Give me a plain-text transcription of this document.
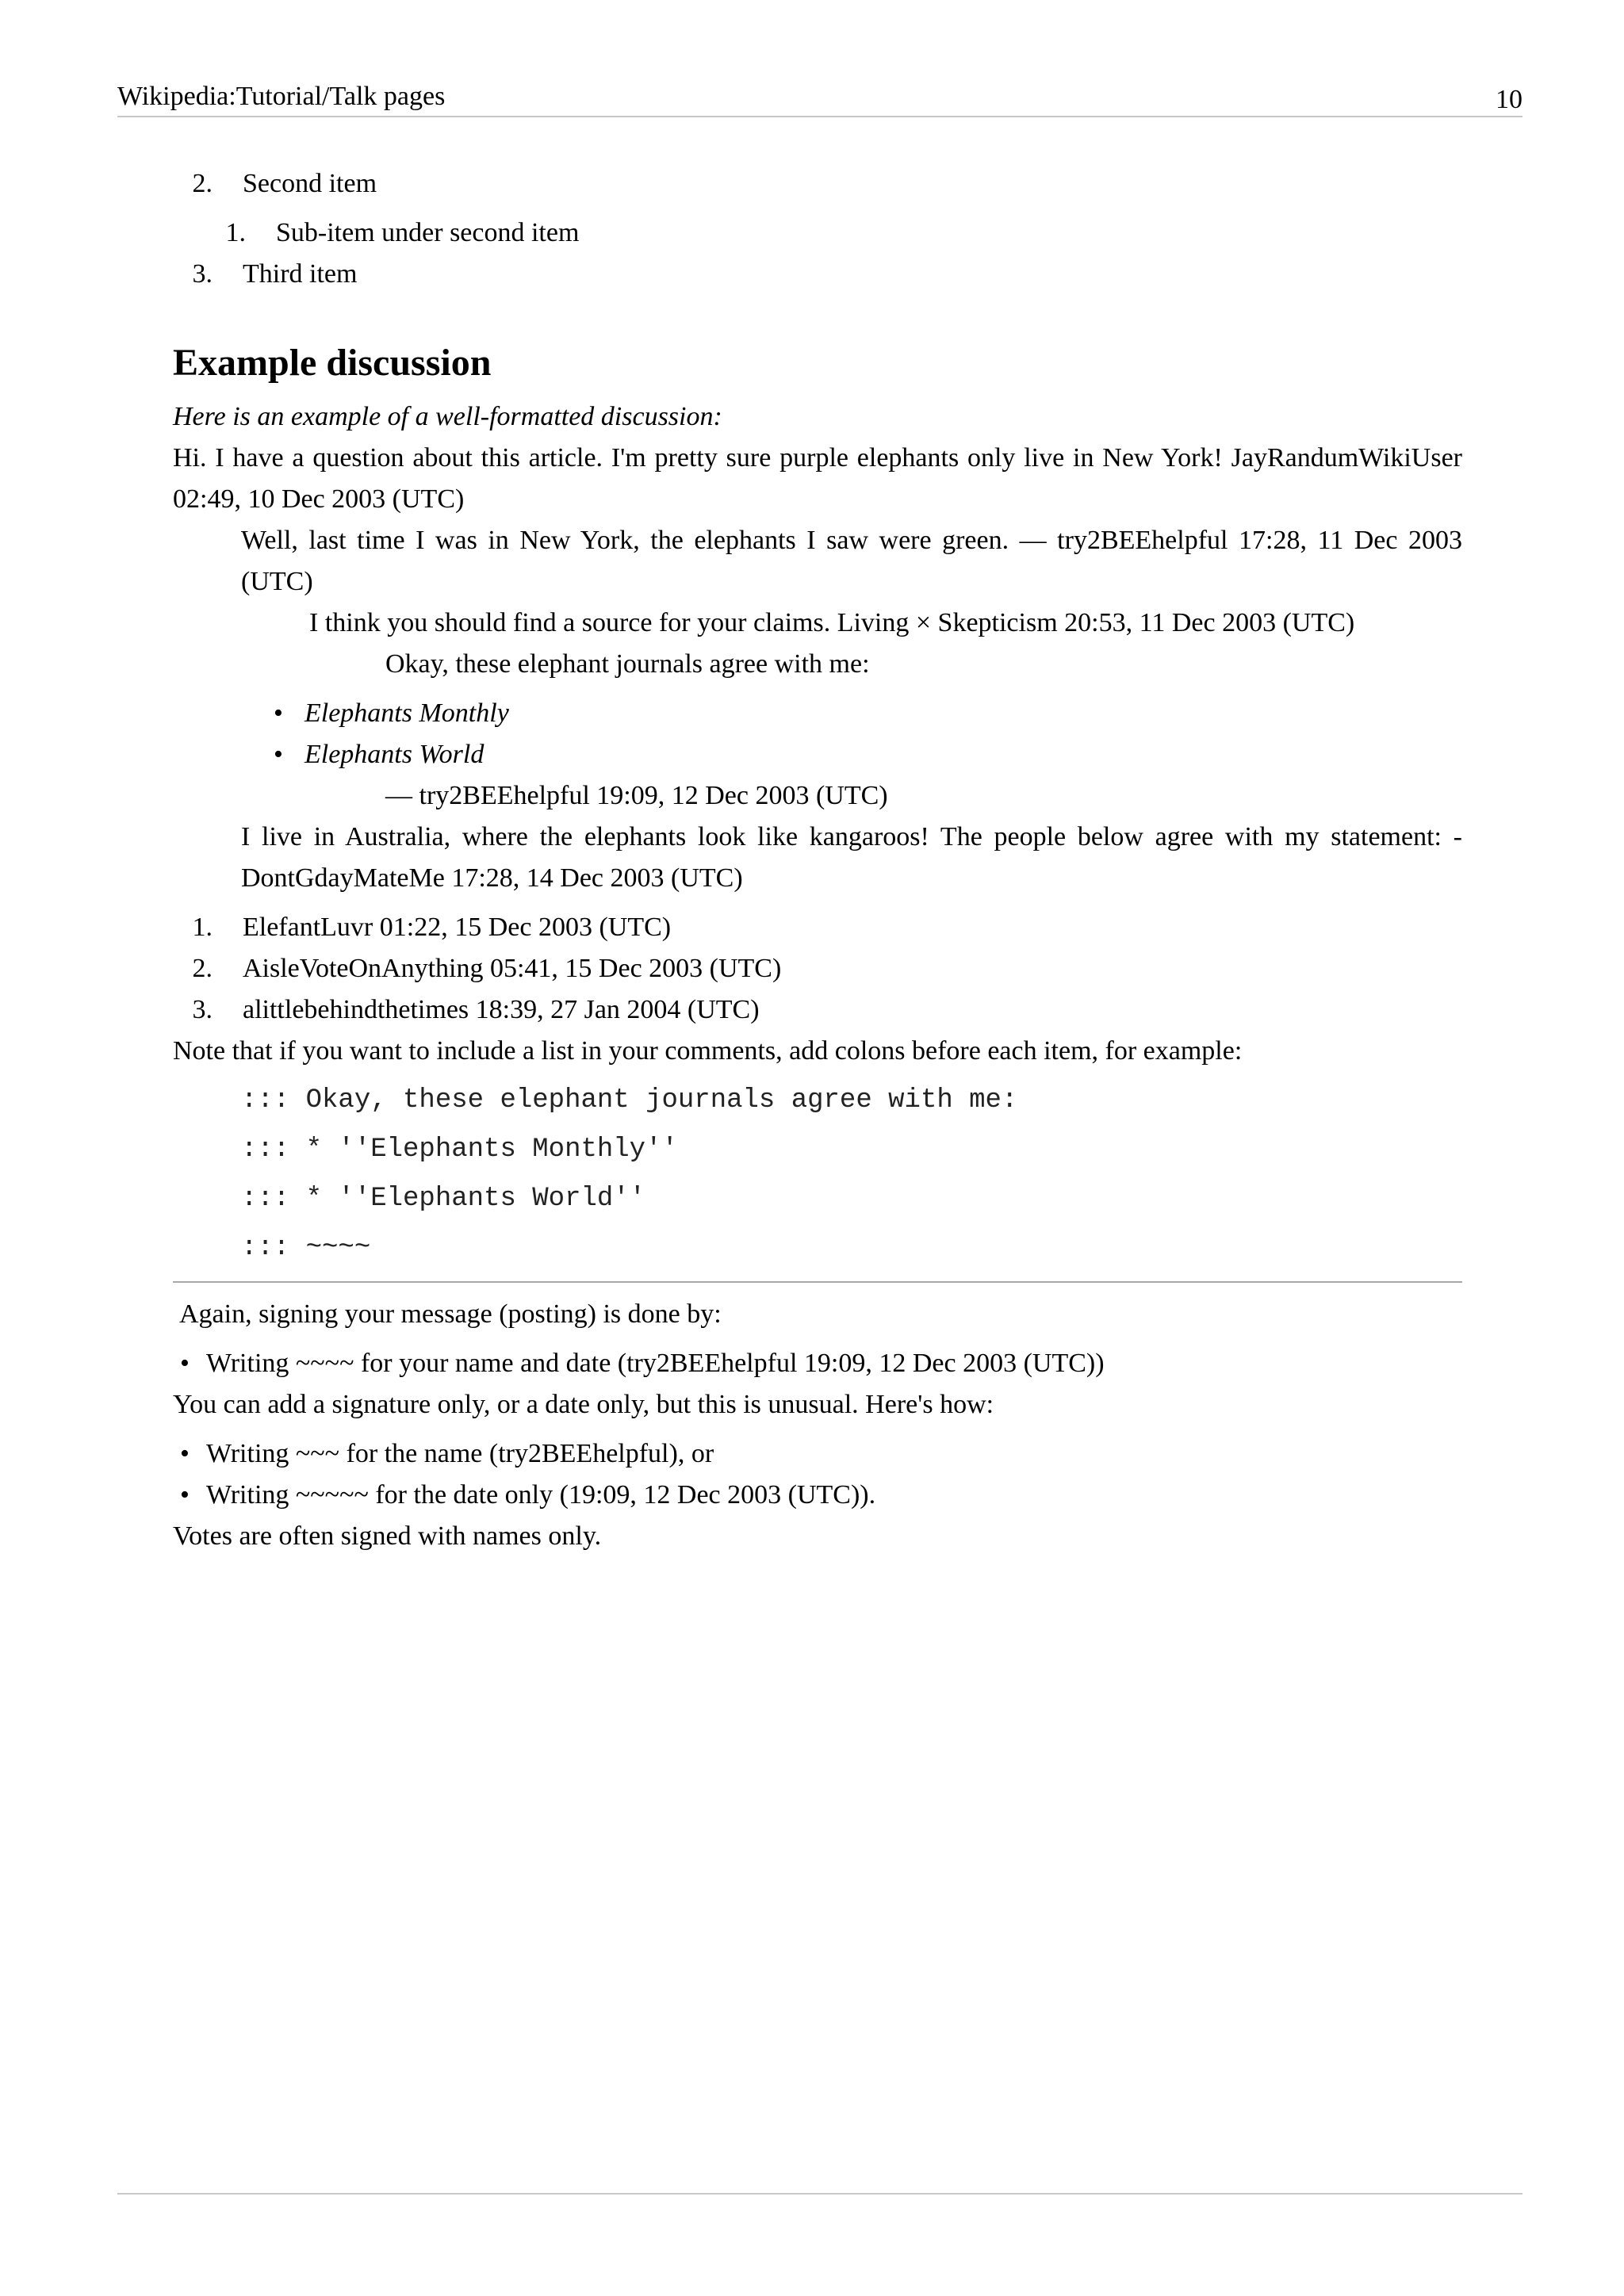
Wikipedia:Tutorial/Talk pages	10
2. Second item
1. Sub-item under second item
3. Third item
Example discussion

Here is an example of a well-formatted discussion:

Hi. I have a question about this article. I'm pretty sure purple elephants only live in New York! JayRandumWikiUser 02:49, 10 Dec 2003 (UTC)

Well, last time I was in New York, the elephants I saw were green. — try2BEEhelpful 17:28, 11 Dec 2003 (UTC)

I think you should find a source for your claims. Living × Skepticism 20:53, 11 Dec 2003 (UTC)

Okay, these elephant journals agree with me:

• Elephants Monthly
• Elephants World

— try2BEEhelpful 19:09, 12 Dec 2003 (UTC)

I live in Australia, where the elephants look like kangaroos! The people below agree with my statement: -DontGdayMateMe 17:28, 14 Dec 2003 (UTC)

1. ElefantLuvr 01:22, 15 Dec 2003 (UTC)
2. AisleVoteOnAnything 05:41, 15 Dec 2003 (UTC)
3. alittlebehindthetimes 18:39, 27 Jan 2004 (UTC)

Note that if you want to include a list in your comments, add colons before each item, for example:

::: Okay, these elephant journals agree with me:
::: * ''Elephants Monthly''
::: * ''Elephants World''
::: ~~~~

Again, signing your message (posting) is done by:

• Writing ~~~~ for your name and date (try2BEEhelpful 19:09, 12 Dec 2003 (UTC))

You can add a signature only, or a date only, but this is unusual. Here's how:

• Writing ~~~ for the name (try2BEEhelpful), or
• Writing ~~~~~ for the date only (19:09, 12 Dec 2003 (UTC)).

Votes are often signed with names only.
